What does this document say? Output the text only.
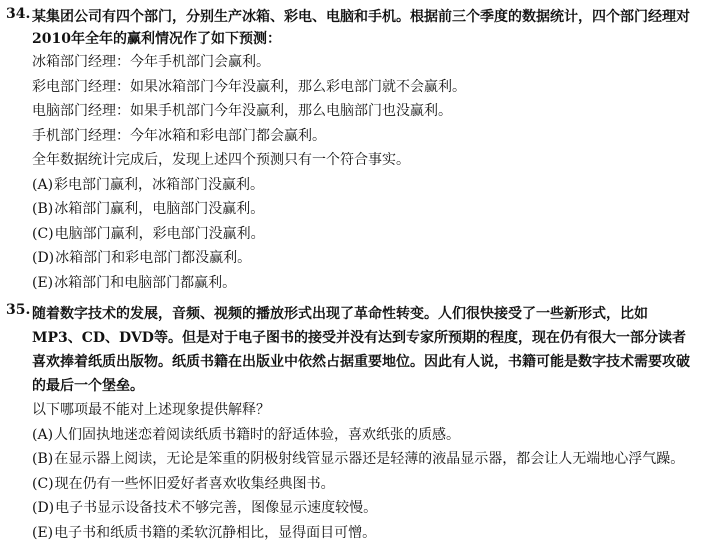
34. 某集团公司有四个部门，分别生产冰箱、彩电、电脑和手机。根据前三个季度的数据统计，四个部门经理对2010年全年的赢利情况作了如下预测：
冰箱部门经理：今年手机部门会赢利。
彩电部门经理：如果冰箱部门今年没赢利，那么彩电部门就不会赢利。
电脑部门经理：如果手机部门今年没赢利，那么电脑部门也没赢利。
手机部门经理：今年冰箱和彩电部门都会赢利。
全年数据统计完成后，发现上述四个预测只有一个符合事实。
(A)彩电部门赢利，冰箱部门没赢利。
(B)冰箱部门赢利，电脑部门没赢利。
(C)电脑部门赢利，彩电部门没赢利。
(D)冰箱部门和彩电部门都没赢利。
(E)冰箱部门和电脑部门都赢利。
35. 随着数字技术的发展，音频、视频的播放形式出现了革命性转变。人们很快接受了一些新形式，比如MP3、CD、DVD等。但是对于电子图书的接受并没有达到专家所预期的程度，现在仍有很大一部分读者喜欢捧着纸质出版物。纸质书籍在出版业中依然占据重要地位。因此有人说，书籍可能是数字技术需要攻破的最后一个堡垒。
以下哪项最不能对上述现象提供解释？
(A)人们固执地迷恋着阅读纸质书籍时的舒适体验，喜欢纸张的质感。
(B)在显示器上阅读，无论是笨重的阴极射线管显示器还是轻薄的液晶显示器，都会让人无端地心浮气躁。
(C)现在仍有一些怀旧爱好者喜欢收集经典图书。
(D)电子书显示设备技术不够完善，图像显示速度较慢。
(E)电子书和纸质书籍的柔软沉静相比，显得面目可憎。
